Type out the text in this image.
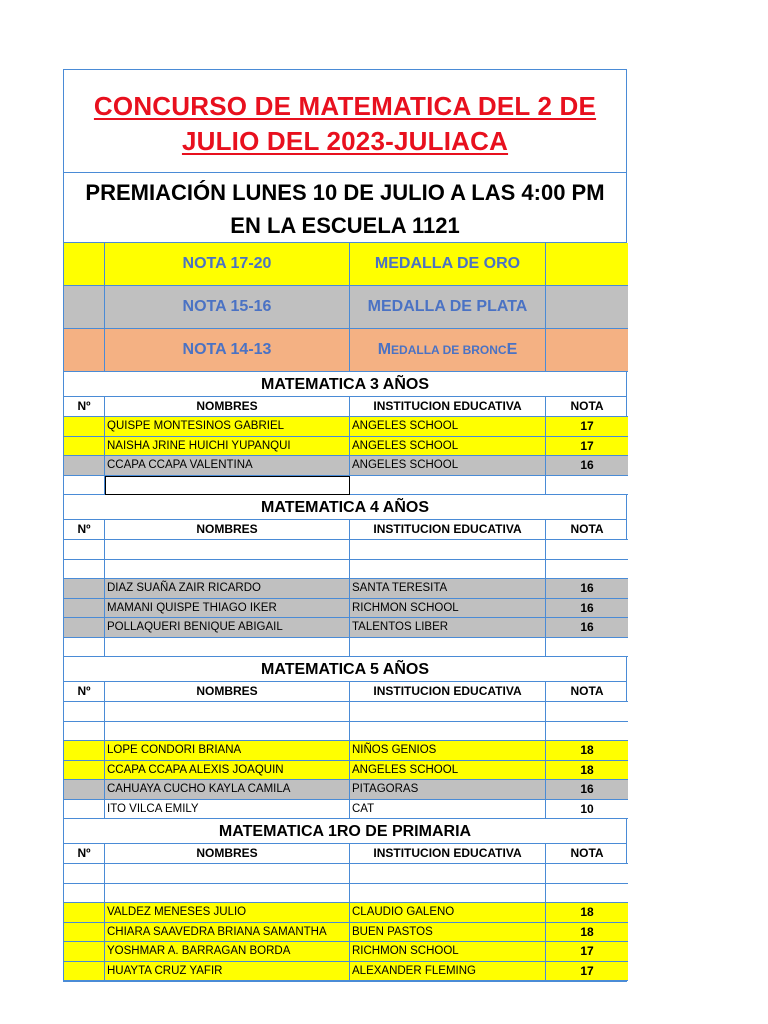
CONCURSO DE MATEMATICA DEL 2 DE
JULIO DEL 2023-JULIACA
PREMIACIÓN LUNES 10 DE JULIO A LAS 4:00 PM
EN LA ESCUELA 1121
NOTA 17-20	MEDALLA DE ORO
NOTA 15-16	MEDALLA DE PLATA
NOTA 14-13	M EDALLA DE BRONC E
MATEMATICA 3 AÑOS
Nº	NOMBRES	INSTITUCION EDUCATIVA	NOTA
QUISPE MONTESINOS GABRIEL	ANGELES SCHOOL	17
NAISHA JRINE HUICHI YUPANQUI	ANGELES SCHOOL	17
CCAPA CCAPA VALENTINA	ANGELES SCHOOL	16
MATEMATICA 4 AÑOS
Nº	NOMBRES	INSTITUCION EDUCATIVA	NOTA
DIAZ SUAÑA ZAIR RICARDO	SANTA TERESITA	16
MAMANI QUISPE THIAGO IKER	RICHMON SCHOOL	16
POLLAQUERI BENIQUE ABIGAIL	TALENTOS LIBER	16
MATEMATICA 5 AÑOS
Nº	NOMBRES	INSTITUCION EDUCATIVA	NOTA
LOPE CONDORI BRIANA	NIÑOS GENIOS	18
CCAPA CCAPA ALEXIS JOAQUIN	ANGELES SCHOOL	18
CAHUAYA CUCHO KAYLA CAMILA	PITAGORAS	16
ITO VILCA EMILY	CAT	10
MATEMATICA 1RO DE PRIMARIA
Nº	NOMBRES	INSTITUCION EDUCATIVA	NOTA
VALDEZ MENESES JULIO	CLAUDIO GALENO	18
CHIARA SAAVEDRA BRIANA SAMANTHA	BUEN PASTOS	18
YOSHMAR A. BARRAGAN BORDA	RICHMON SCHOOL	17
HUAYTA CRUZ YAFIR	ALEXANDER FLEMING	17
